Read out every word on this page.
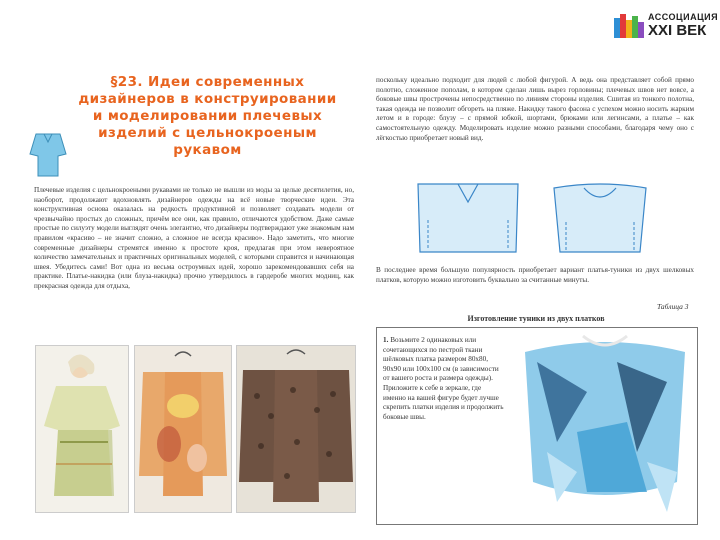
АССОЦИАЦИЯ
XXI ВЕК
§23. Идеи современных
дизайнеров в конструировании
и моделировании плечевых
изделий с цельнокроеным
рукавом

Плечевые изделия с цельнокроеными рукавами не только не вышли из моды за целые десятилетия, но, наоборот, продолжают вдохновлять дизайнеров одежды на всё новые творческие идеи. Эта конструктивная основа оказалась на редкость продуктивной и позволяет создавать модели от чрезвычайно простых до сложных, причём все они, как правило, отличаются удобством. Даже самые простые по силуэту модели выглядят очень элегантно, что дизайнеры подтверждают уже знакомым нам правилом «красиво – не значит сложно, а сложное не всегда красиво». Надо заметить, что многие современные дизайнеры стремятся именно к простоте кроя, предлагая при этом невероятное количество замечательных и практичных оригинальных моделей, с которыми справится и начинающая швея. Убедитесь сами! Вот одна из весьма остроумных идей, хорошо зарекомендовавших себя на практике. Платье-накидка (или блуза-накидка) прочно утвердилось в гардеробе многих модниц, как прекрасная одежда для отдыха,

поскольку идеально подходит для людей с любой фигурой. А ведь она представляет собой прямо полотно, сложенное пополам, в котором сделан лишь вырез горловины; плечевых швов нет вовсе, а боковые швы прострочены непосредственно по линиям стороны изделия. Сшитая из тонкого полотна, такая одежда не позволит обгореть на пляже. Накидку такого фасона с успехом можно носить жарким летом и в городе: блузу – с прямой юбкой, шортами, брюками или легинсами, а платье – как самостоятельную одежду. Моделировать изделие можно разными способами, благодаря чему оно с лёгкостью приобретает новый вид.

В последнее время большую популярность приобретает вариант платья-туники из двух шелковых платков, которую можно изготовить буквально за считанные минуты.

Таблица 3
Изготовление туники из двух платков

1. Возьмите 2 одинаковых или сочетающихся по пестрой ткани шёлковых платка размером 80х80, 90х90 или 100х100 см (в зависимости от вашего роста и размера одежды). Приложите к себе в зеркале, где именно на вашей фигуре будет лучше скрепить платки изделия и продолжить боковые швы.
